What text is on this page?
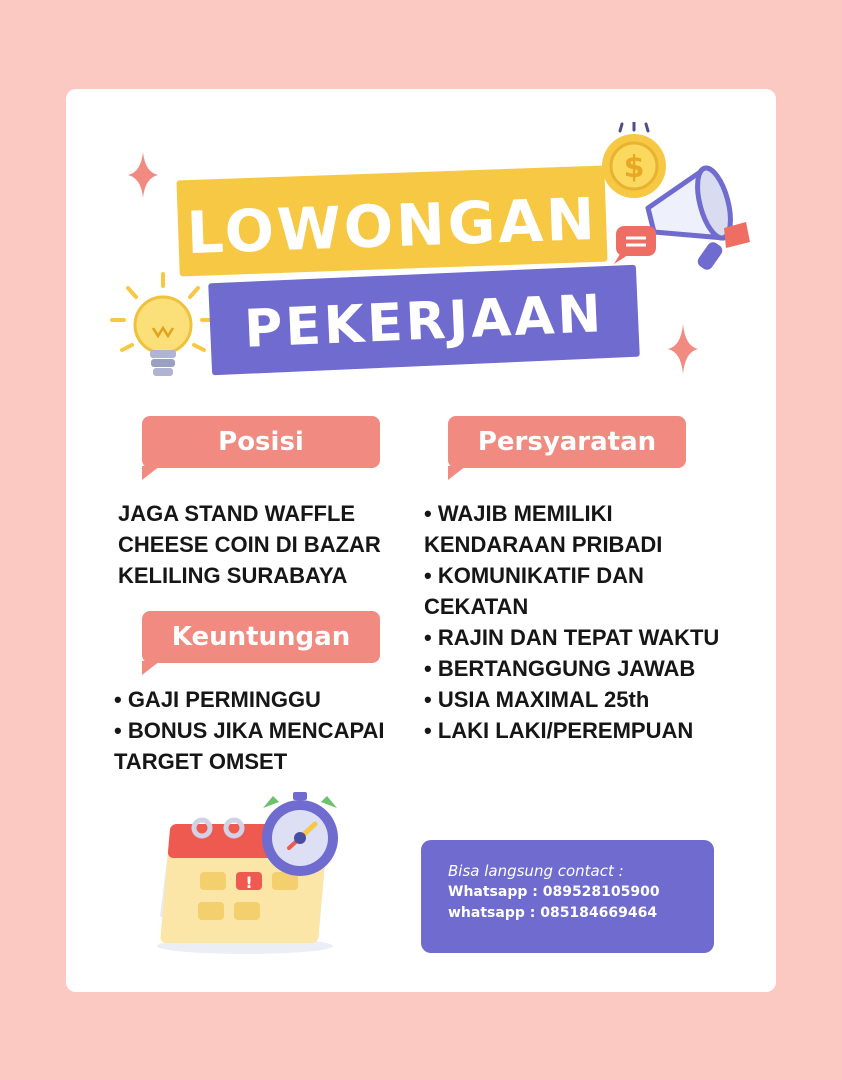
$
LOWONGAN
PEKERJAAN
Posisi
JAGA STAND WAFFLE
CHEESE COIN DI BAZAR
KELILING SURABAYA
Persyaratan
• WAJIB MEMILIKI
KENDARAAN PRIBADI
• KOMUNIKATIF DAN
CEKATAN
• RAJIN DAN TEPAT WAKTU
• BERTANGGUNG JAWAB
• USIA MAXIMAL 25th
• LAKI LAKI/PEREMPUAN
Keuntungan
• GAJI PERMINGGU
• BONUS JIKA MENCAPAI
TARGET OMSET
!
Bisa langsung contact :
Whatsapp : 089528105900
whatsapp : 085184669464
